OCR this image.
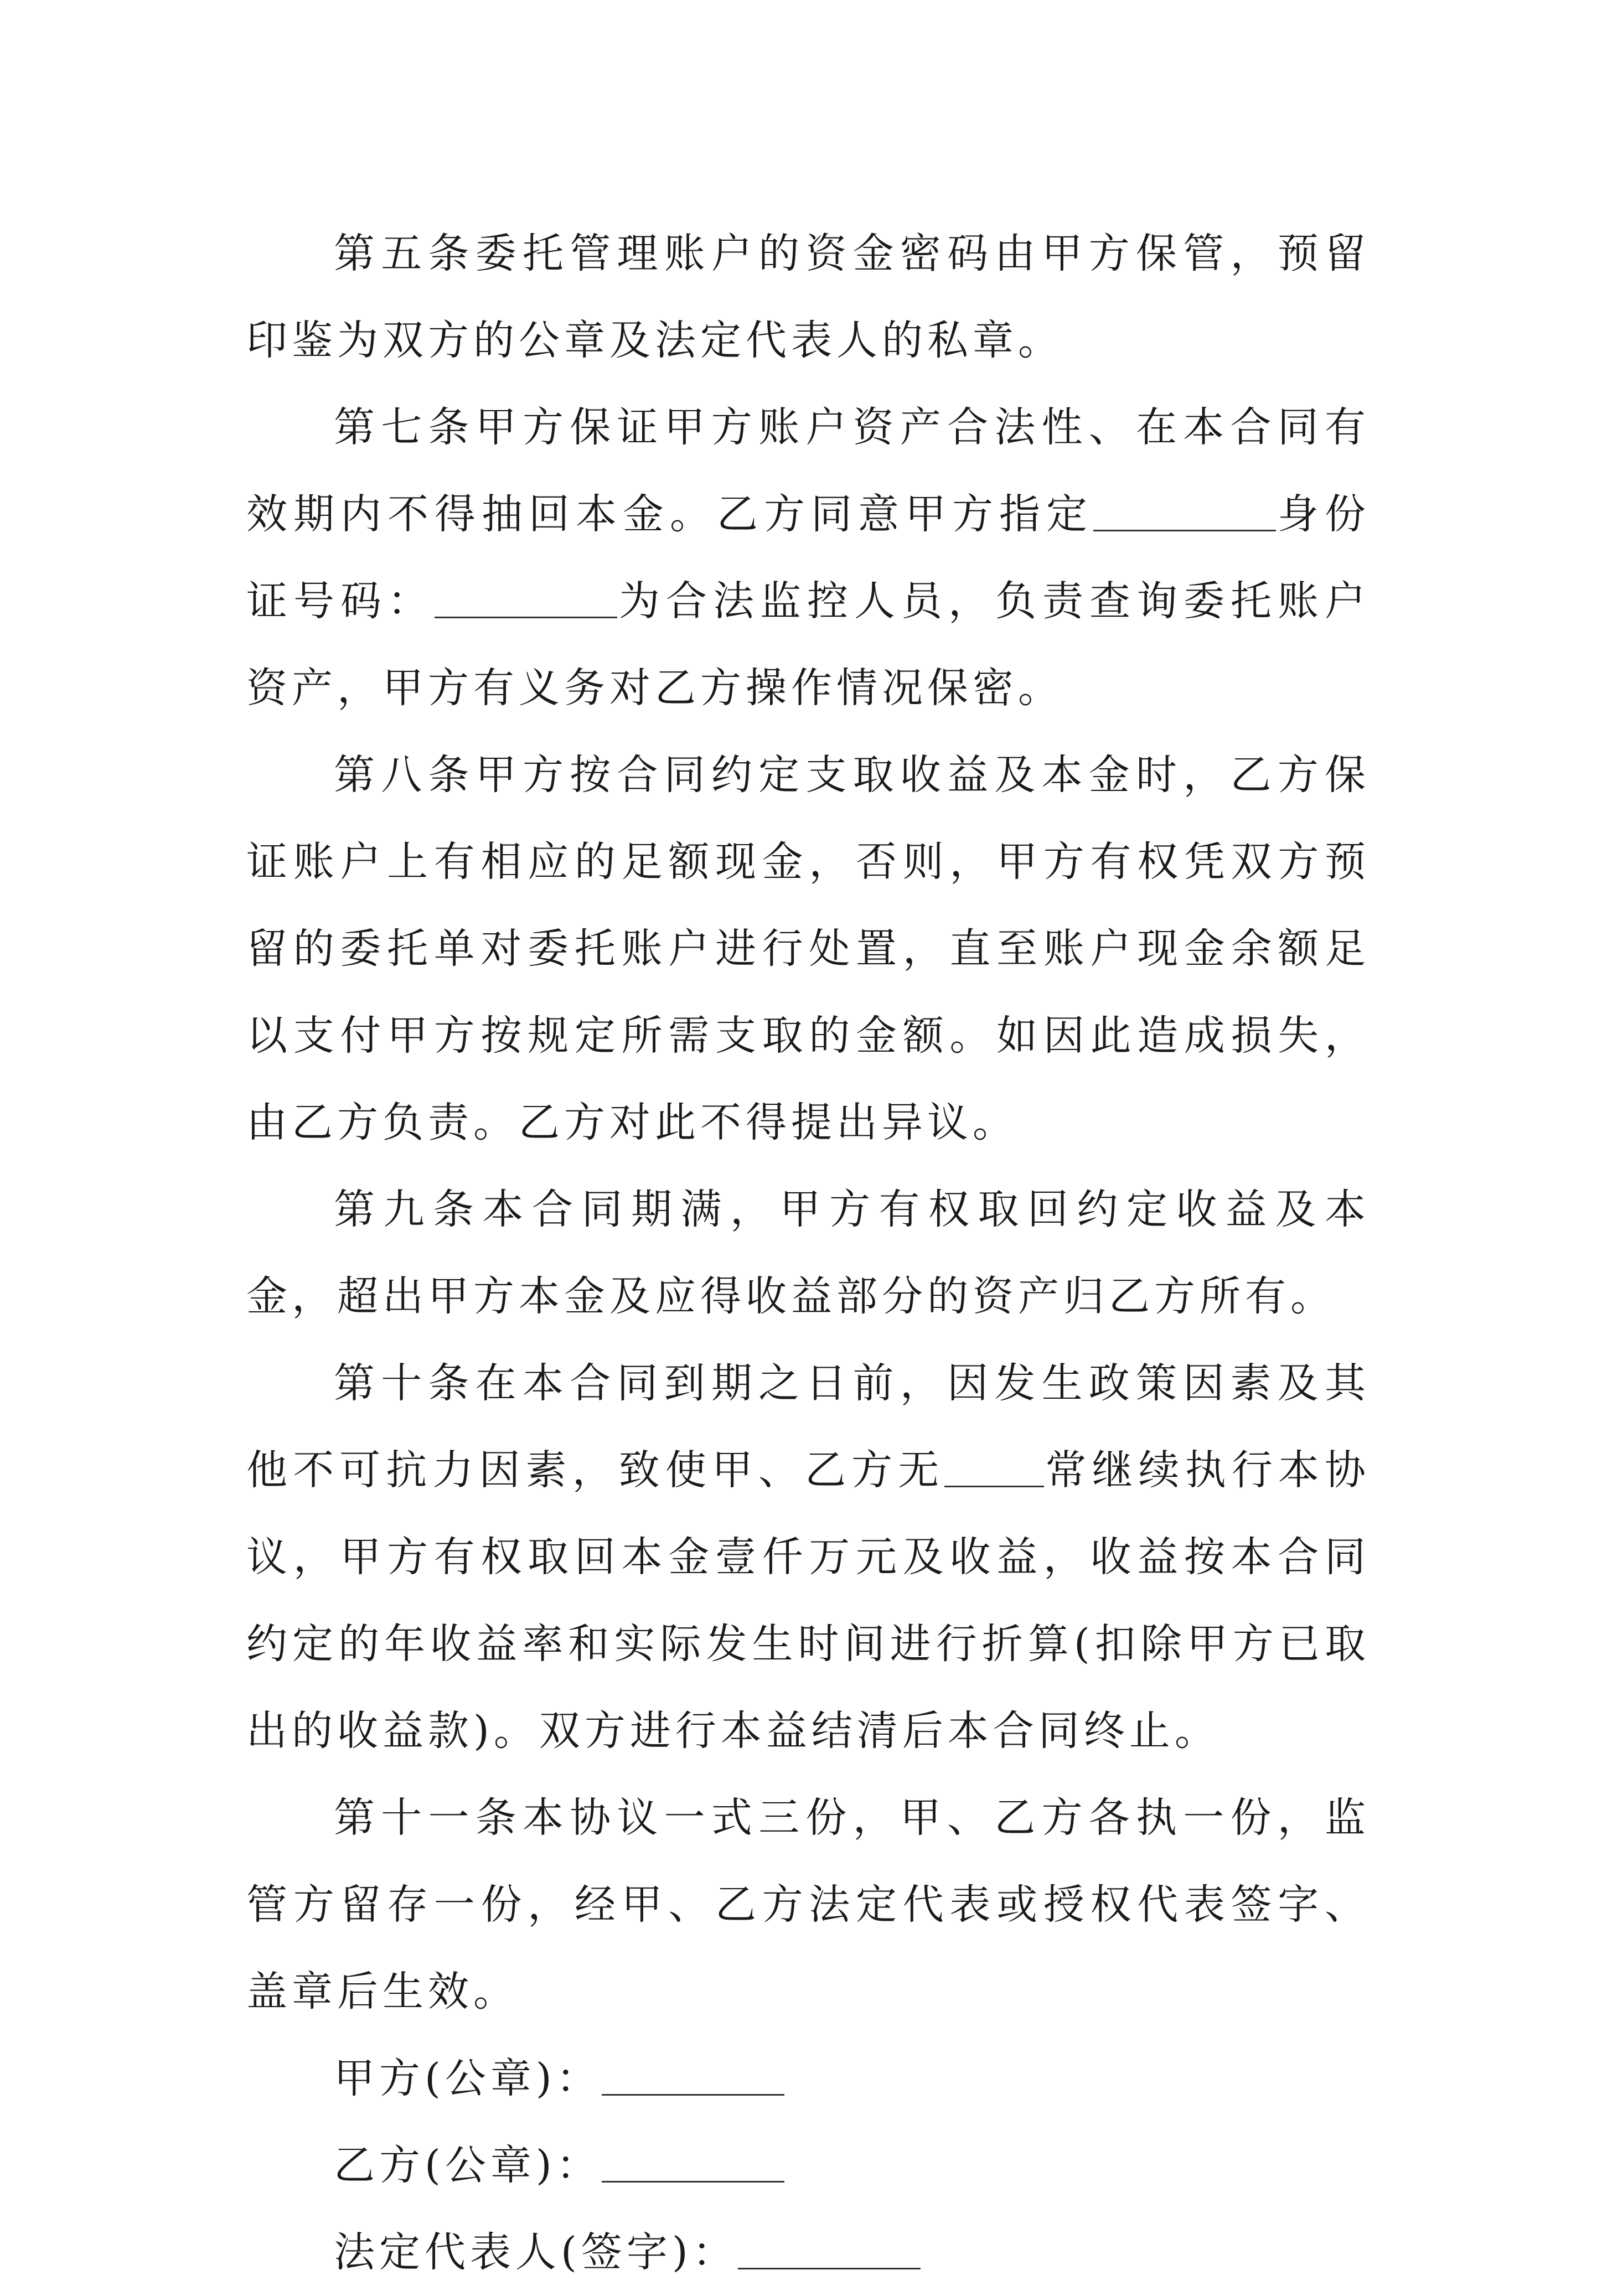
第五条委托管理账户的资金密码由甲方保管，预留印鉴为双方的公章及法定代表人的私章。

第七条甲方保证甲方账户资产合法性、在本合同有效期内不得抽回本金。乙方同意甲方指定	身份证号码：	为合法监控人员，负责查询委托账户资产，甲方有义务对乙方操作情况保密。

第八条甲方按合同约定支取收益及本金时，乙方保证账户上有相应的足额现金，否则，甲方有权凭双方预留的委托单对委托账户进行处置，直至账户现金余额足以支付甲方按规定所需支取的金额。如因此造成损失，由乙方负责。乙方对此不得提出异议。

第九条本合同期满，甲方有权取回约定收益及本金，超出甲方本金及应得收益部分的资产归乙方所有。

第十条在本合同到期之日前，因发生政策因素及其他不可抗力因素，致使甲、乙方无 常继续执行本协议，甲方有权取回本金壹仟万元及收益，收益按本合同约定的年收益率和实际发生时间进行折算(扣除甲方已取出的收益款)。双方进行本益结清后本合同终止。

第十一条本协议一式三份，甲、乙方各执一份，监管方留存一份，经甲、乙方法定代表或授权代表签字、盖章后生效。

甲方(公章)：

乙方(公章)：

法定代表人(签字)：
